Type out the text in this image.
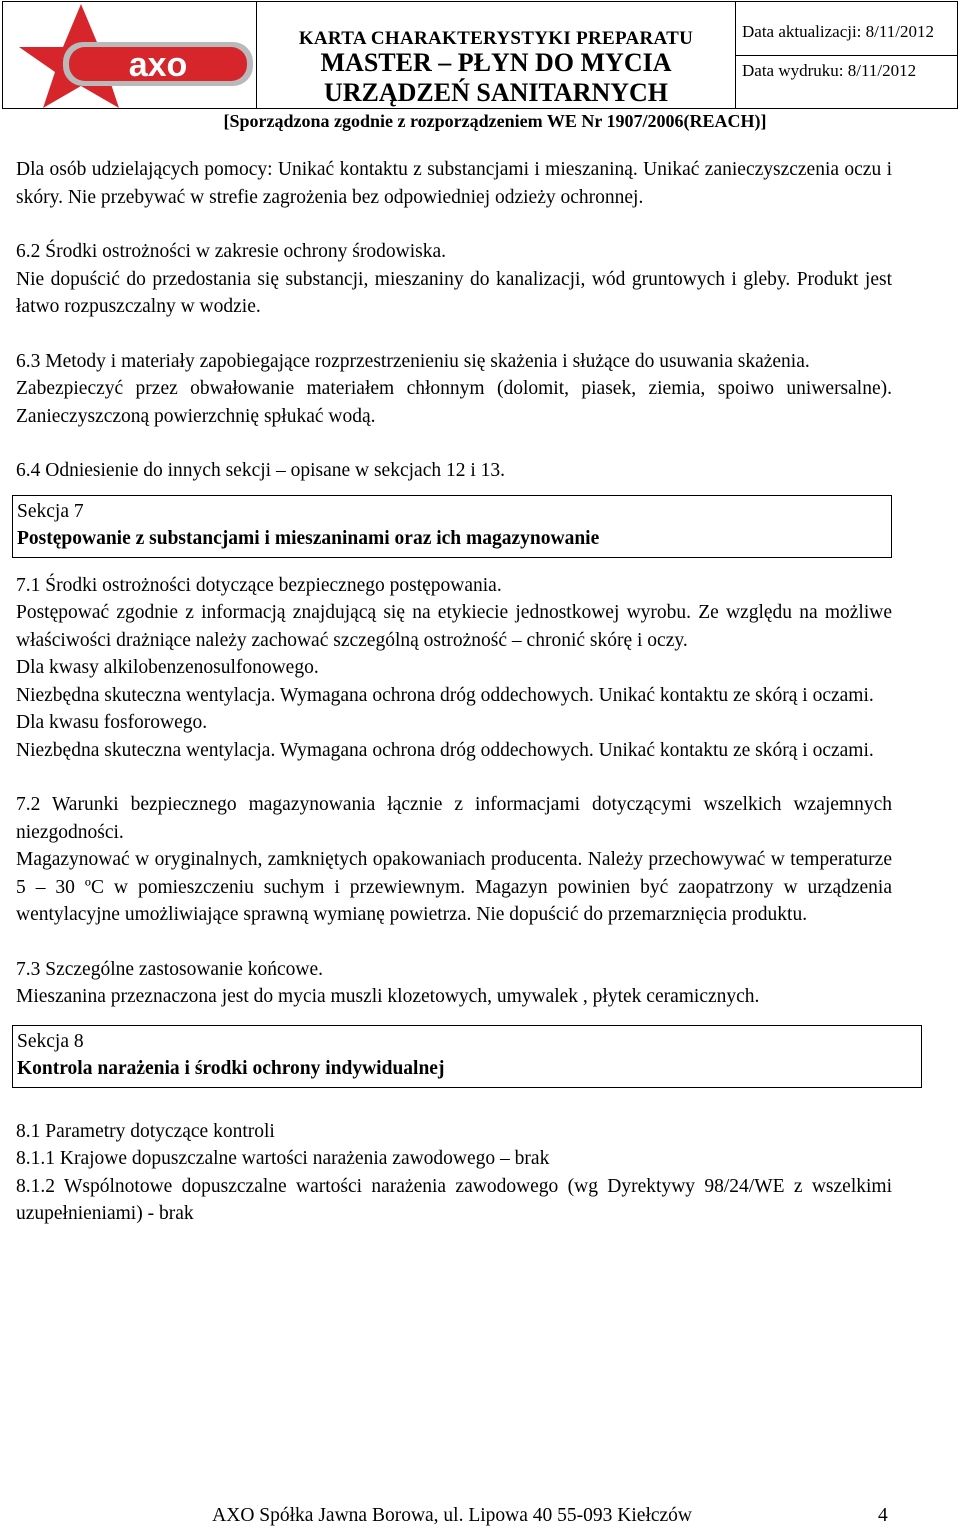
axo
KARTA CHARAKTERYSTYKI PREPARATU
MASTER – PŁYN DO MYCIA
URZĄDZEŃ SANITARNYCH
Data aktualizacji: 8/11/2012
Data wydruku: 8/11/2012
[Sporządzona zgodnie z rozporządzeniem WE Nr 1907/2006(REACH)]

Dla osób udzielających pomocy: Unikać kontaktu z substancjami i mieszaniną. Unikać zanieczyszczenia oczu i skóry. Nie przebywać w strefie zagrożenia bez odpowiedniej odzieży ochronnej.

6.2 Środki ostrożności w zakresie ochrony środowiska.

Nie dopuścić do przedostania się substancji, mieszaniny do kanalizacji, wód gruntowych i gleby. Produkt jest łatwo rozpuszczalny w wodzie.

6.3 Metody i materiały zapobiegające rozprzestrzenieniu się skażenia i służące do usuwania skażenia.

Zabezpieczyć przez obwałowanie materiałem chłonnym (dolomit, piasek, ziemia, spoiwo uniwersalne). Zanieczyszczoną powierzchnię spłukać wodą.

6.4 Odniesienie do innych sekcji – opisane w sekcjach 12 i 13.

Sekcja 7

Postępowanie z substancjami i mieszaninami oraz ich magazynowanie

7.1 Środki ostrożności dotyczące bezpiecznego postępowania.

Postępować zgodnie z informacją znajdującą się na etykiecie jednostkowej wyrobu. Ze względu na możliwe właściwości drażniące należy zachować szczególną ostrożność – chronić skórę i oczy.

Dla kwasy alkilobenzenosulfonowego.

Niezbędna skuteczna wentylacja. Wymagana ochrona dróg oddechowych. Unikać kontaktu ze skórą i oczami.

Dla kwasu fosforowego.

Niezbędna skuteczna wentylacja. Wymagana ochrona dróg oddechowych. Unikać kontaktu ze skórą i oczami.

7.2 Warunki bezpiecznego magazynowania łącznie z informacjami dotyczącymi wszelkich wzajemnych niezgodności.

Magazynować w oryginalnych, zamkniętych opakowaniach producenta. Należy przechowywać w temperaturze 5 – 30 ºC w pomieszczeniu suchym i przewiewnym. Magazyn powinien być zaopatrzony w urządzenia wentylacyjne umożliwiające sprawną wymianę powietrza. Nie dopuścić do przemarznięcia produktu.

7.3 Szczególne zastosowanie końcowe.

Mieszanina przeznaczona jest do mycia muszli klozetowych, umywalek , płytek ceramicznych.

Sekcja 8

Kontrola narażenia i środki ochrony indywidualnej

8.1 Parametry dotyczące kontroli

8.1.1 Krajowe dopuszczalne wartości narażenia zawodowego – brak

8.1.2 Wspólnotowe dopuszczalne wartości narażenia zawodowego (wg Dyrektywy 98/24/WE z wszelkimi uzupełnieniami) - brak

AXO Spółka Jawna Borowa, ul. Lipowa 40 55-093 Kiełczów	4
